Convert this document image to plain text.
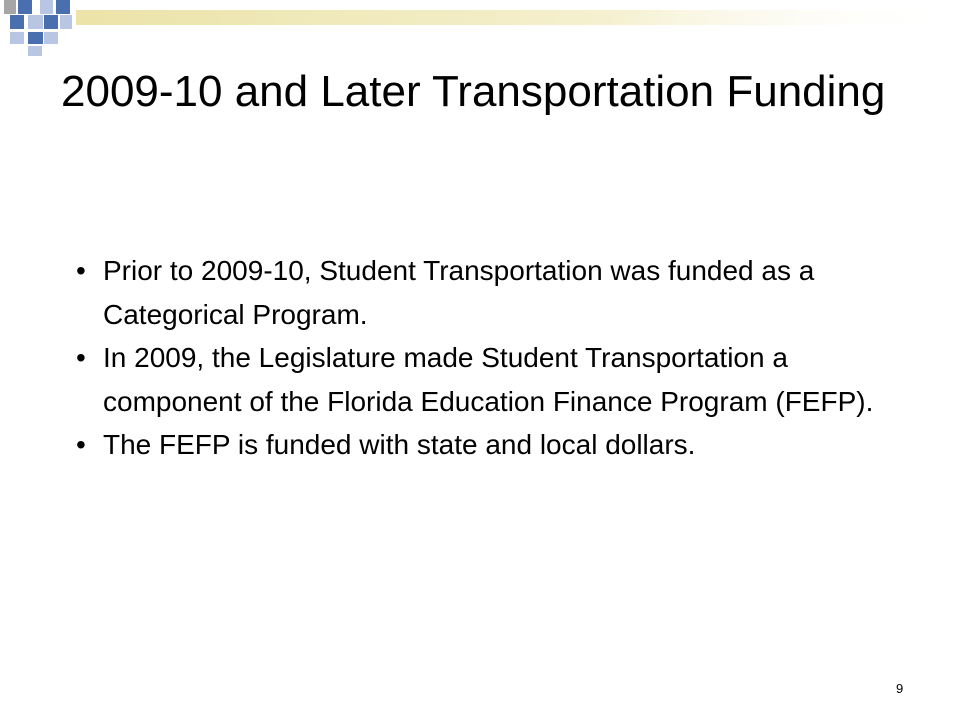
2009-10 and Later Transportation Funding
• Prior to 2009-10, Student Transportation was funded as a Categorical Program.
• In 2009, the Legislature made Student Transportation a component of the Florida Education Finance Program (FEFP).
• The FEFP is funded with state and local dollars.
9
